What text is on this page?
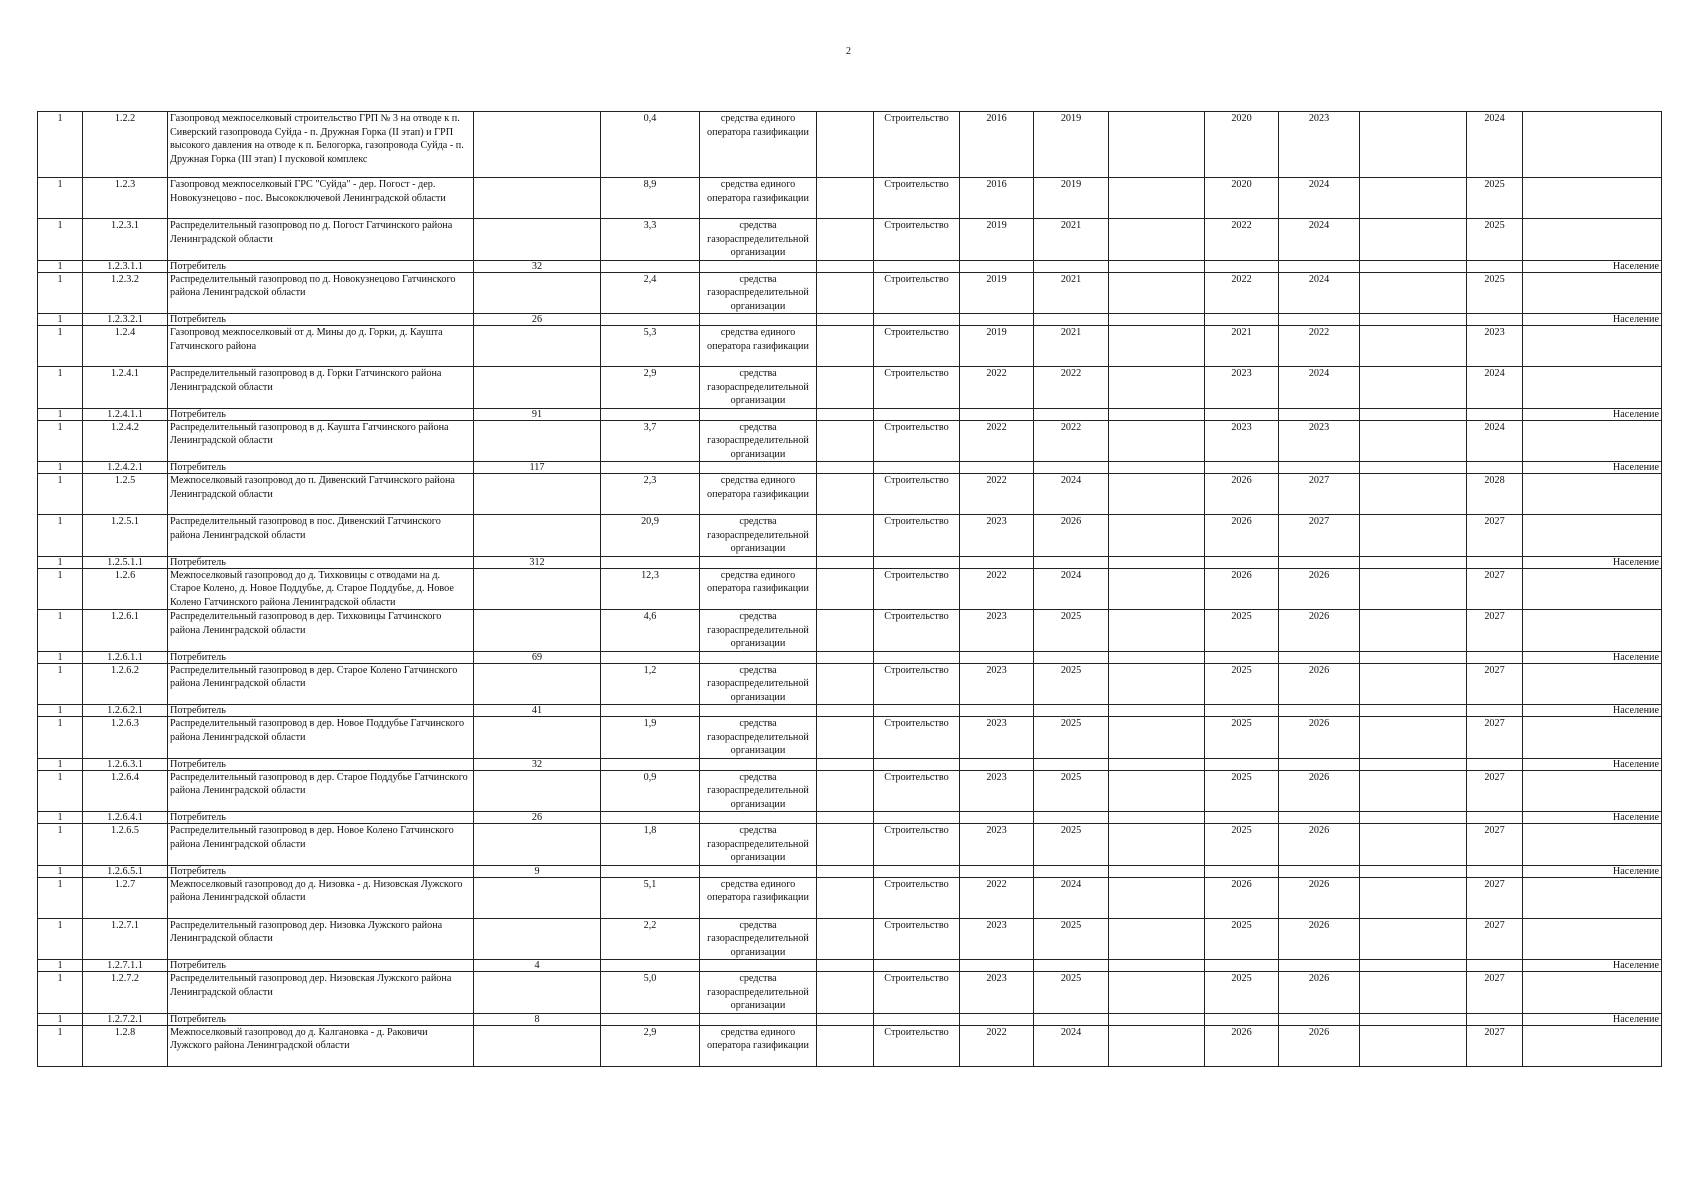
2
1	1.2.2	Газопровод межпоселковый строительство ГРП № 3 на отводе к п. Сиверский газопровода Суйда - п. Дружная Горка (II этап) и ГРП высокого давления на отводе к п. Белогорка, газопровода Суйда - п. Дружная Горка (III этап) I пусковой комплекс		0,4	средства единого оператора газификации		Строительство	2016	2019		2020	2023		2024	
1	1.2.3	Газопровод межпоселковый ГРС "Суйда" - дер. Погост - дер. Новокузнецово - пос. Высокоключевой Ленинградской области		8,9	средства единого оператора газификации		Строительство	2016	2019		2020	2024		2025	
1	1.2.3.1	Распределительный газопровод по д. Погост Гатчинского района Ленинградской области		3,3	средства газораспределительной организации		Строительство	2019	2021		2022	2024		2025	
1	1.2.3.1.1	Потребитель	32												Население
1	1.2.3.2	Распределительный газопровод по д. Новокузнецово Гатчинского района Ленинградской области		2,4	средства газораспределительной организации		Строительство	2019	2021		2022	2024		2025	
1	1.2.3.2.1	Потребитель	26												Население
1	1.2.4	Газопровод межпоселковый от д. Мины до д. Горки, д. Каушта Гатчинского района		5,3	средства единого оператора газификации		Строительство	2019	2021		2021	2022		2023	
1	1.2.4.1	Распределительный газопровод в д. Горки Гатчинского района Ленинградской области		2,9	средства газораспределительной организации		Строительство	2022	2022		2023	2024		2024	
1	1.2.4.1.1	Потребитель	91												Население
1	1.2.4.2	Распределительный газопровод в д. Каушта Гатчинского района Ленинградской области		3,7	средства газораспределительной организации		Строительство	2022	2022		2023	2023		2024	
1	1.2.4.2.1	Потребитель	117												Население
1	1.2.5	Межпоселковый газопровод до п. Дивенский Гатчинского района Ленинградской области		2,3	средства единого оператора газификации		Строительство	2022	2024		2026	2027		2028	
1	1.2.5.1	Распределительный газопровод в пос. Дивенский Гатчинского района Ленинградской области		20,9	средства газораспределительной организации		Строительство	2023	2026		2026	2027		2027	
1	1.2.5.1.1	Потребитель	312												Население
1	1.2.6	Межпоселковый газопровод до д. Тихковицы с отводами на д. Старое Колено, д. Новое Поддубье, д. Старое Поддубье, д. Новое Колено Гатчинского района Ленинградской области		12,3	средства единого оператора газификации		Строительство	2022	2024		2026	2026		2027	
1	1.2.6.1	Распределительный газопровод в дер. Тихковицы Гатчинского района Ленинградской области		4,6	средства газораспределительной организации		Строительство	2023	2025		2025	2026		2027	
1	1.2.6.1.1	Потребитель	69												Население
1	1.2.6.2	Распределительный газопровод в дер. Старое Колено Гатчинского района Ленинградской области		1,2	средства газораспределительной организации		Строительство	2023	2025		2025	2026		2027	
1	1.2.6.2.1	Потребитель	41												Население
1	1.2.6.3	Распределительный газопровод в дер. Новое Поддубье Гатчинского района Ленинградской области		1,9	средства газораспределительной организации		Строительство	2023	2025		2025	2026		2027	
1	1.2.6.3.1	Потребитель	32												Население
1	1.2.6.4	Распределительный газопровод в дер. Старое Поддубье Гатчинского района Ленинградской области		0,9	средства газораспределительной организации		Строительство	2023	2025		2025	2026		2027	
1	1.2.6.4.1	Потребитель	26												Население
1	1.2.6.5	Распределительный газопровод в дер. Новое Колено Гатчинского района Ленинградской области		1,8	средства газораспределительной организации		Строительство	2023	2025		2025	2026		2027	
1	1.2.6.5.1	Потребитель	9												Население
1	1.2.7	Межпоселковый газопровод до д. Низовка - д. Низовская Лужского района Ленинградской области		5,1	средства единого оператора газификации		Строительство	2022	2024		2026	2026		2027	
1	1.2.7.1	Распределительный газопровод дер. Низовка Лужского района Ленинградской области		2,2	средства газораспределительной организации		Строительство	2023	2025		2025	2026		2027	
1	1.2.7.1.1	Потребитель	4												Население
1	1.2.7.2	Распределительный газопровод дер. Низовская Лужского района Ленинградской области		5,0	средства газораспределительной организации		Строительство	2023	2025		2025	2026		2027	
1	1.2.7.2.1	Потребитель	8												Население
1	1.2.8	Межпоселковый газопровод до д. Калгановка - д. Раковичи Лужского района Ленинградской области		2,9	средства единого оператора газификации		Строительство	2022	2024		2026	2026		2027	
